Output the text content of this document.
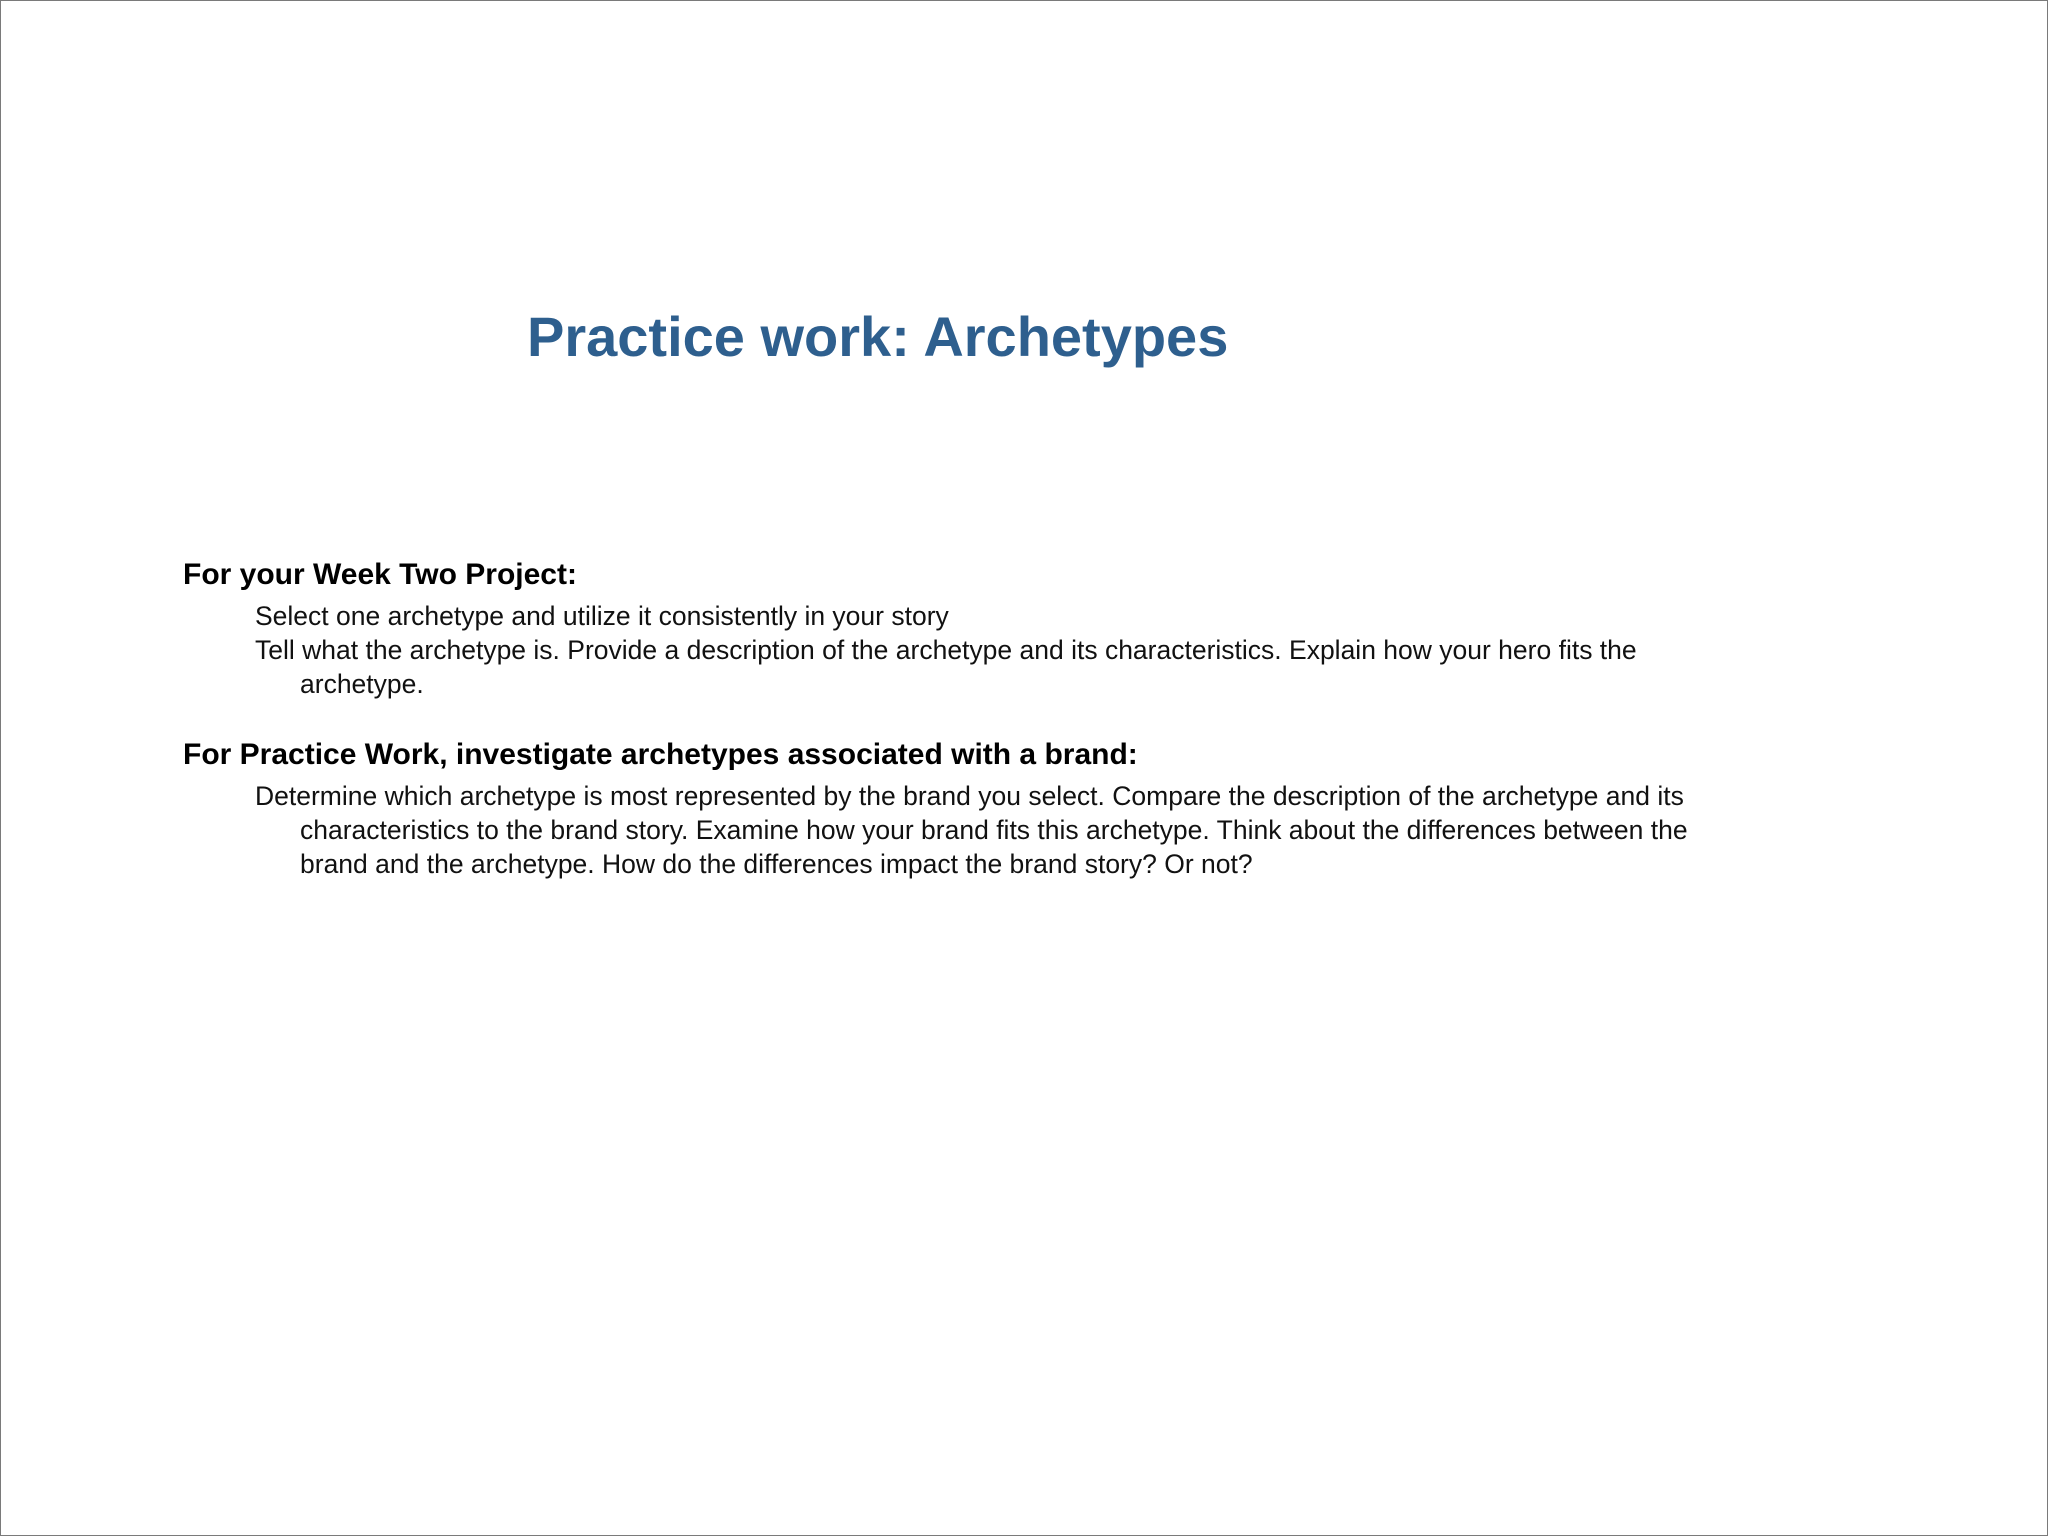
Practice work: Archetypes
For your Week Two Project:
Select one archetype and utilize it consistently in your story
Tell what the archetype is. Provide a description of the archetype and its characteristics. Explain how your hero fits the archetype.
For Practice Work, investigate archetypes associated with a brand:
Determine which archetype is most represented by the brand you select. Compare the description of the archetype and its characteristics to the brand story. Examine how your brand fits this archetype. Think about the differences between the brand and the archetype. How do the differences impact the brand story? Or not?
